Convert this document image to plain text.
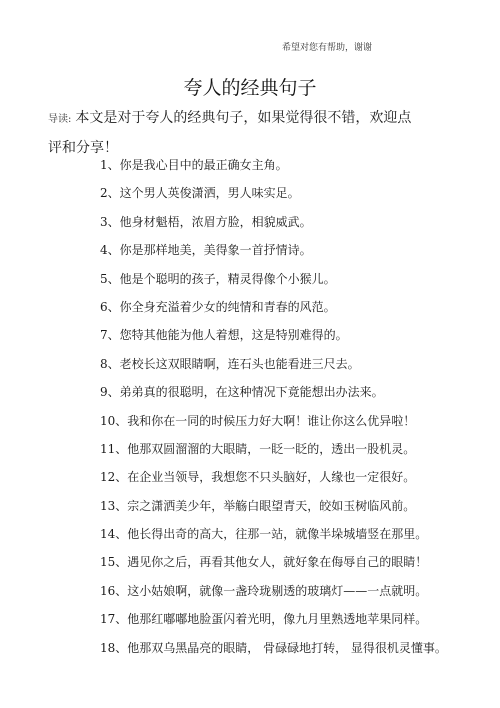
希望对您有帮助，谢谢
夸人的经典句子
导读: 本文是对于夸人的经典句子，如果觉得很不错，欢迎点
评和分享！
1、你是我心目中的最正确女主角。
2、这个男人英俊潇洒，男人味实足。
3、他身材魁梧，浓眉方脸，相貌威武。
4、你是那样地美，美得象一首抒情诗。
5、他是个聪明的孩子，精灵得像个小猴儿。
6、你全身充溢着少女的纯情和青春的风范。
7、您特其他能为他人着想，这是特别难得的。
8、老校长这双眼睛啊，连石头也能看进三尺去。
9、弟弟真的很聪明，在这种情况下竟能想出办法来。
10、我和你在一同的时候压力好大啊！谁让你这么优异啦！
11、他那双圆溜溜的大眼睛，一眨一眨的，透出一股机灵。
12、在企业当领导，我想您不只头脑好，人缘也一定很好。
13、宗之潇洒美少年，举觞白眼望青天，皎如玉树临风前。
14、他长得出奇的高大，往那一站，就像半垛城墙竖在那里。
15、遇见你之后，再看其他女人，就好象在侮辱自己的眼睛！
16、这小姑娘啊，就像一盏玲珑剔透的玻璃灯——一点就明。
17、他那红嘟嘟地脸蛋闪着光明，像九月里熟透地苹果同样。
18、他那双乌黑晶亮的眼睛， 骨碌碌地打转， 显得很机灵懂事。
